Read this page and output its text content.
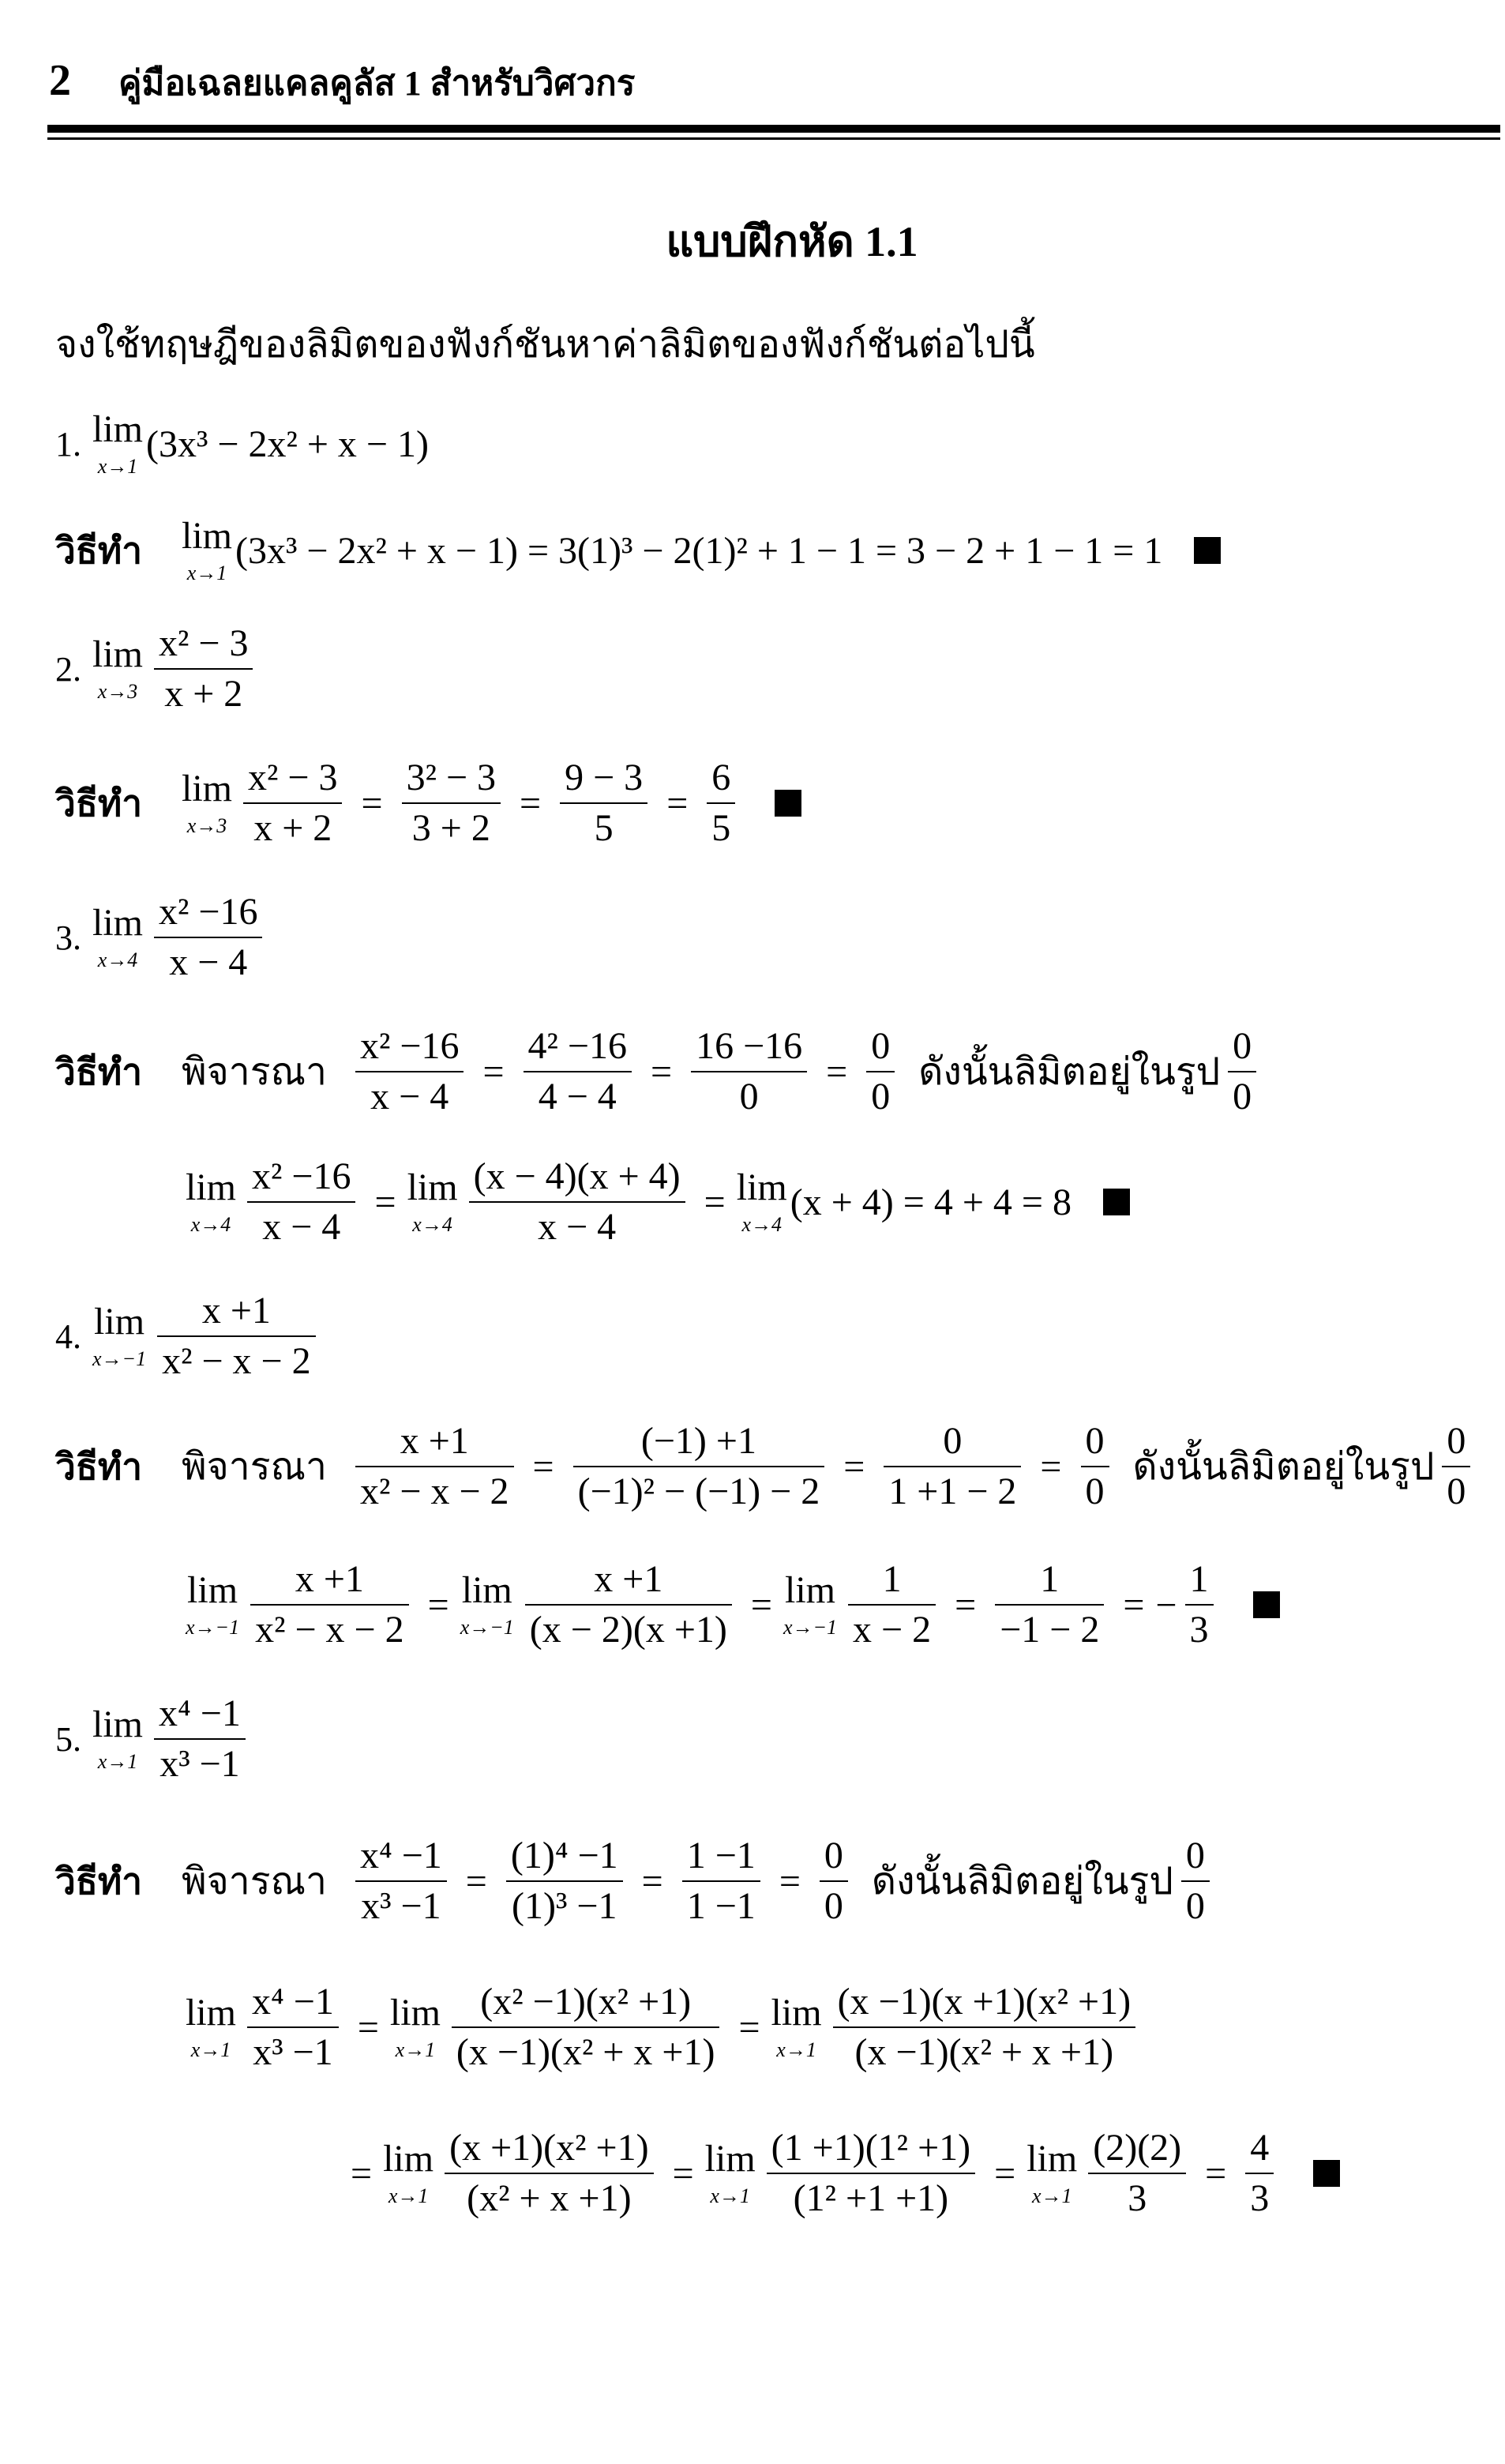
2 คู่มือเฉลยแคลคูลัส 1 สำหรับวิศวกร
แบบฝึกหัด 1.1
จงใช้ทฤษฎีของลิมิตของฟังก์ชันหาค่าลิมิตของฟังก์ชันต่อไปนี้
1. lim
x→1
(3x³ − 2x² + x − 1)
วิธีทำ	lim
x→1
(3x³ − 2x² + x − 1) = 3(1)³ − 2(1)² + 1 − 1 = 3 − 2 + 1 − 1 = 1
2. lim
$x\to 3 \frac{\text{x² − 3}}{x + 2}$
วิธีทำ	lim
$x\to 3 \frac{\text{x² − 3}}{x + 2} = \frac{\text{3² − 3}}{3 + 2} = \frac{9 - 3}{5} = \frac{6}{5}$
3. lim
$x\to 4 \frac{\text{x² −16}}{x - 4}$
วิธีทำ	พิจารณา $\frac{\text{x² −16}}{x - 4} = \frac{\text{4² −16}}{4 - 4} = \frac{16 -16}{0} = \frac{0}{0}$ ดังนั้นลิมิตอยู่ในรูป $\frac{0}{0}$
lim
$x\to 4 \frac{\text{x² −16}}{x - 4} = \lim$
$x\to 4 \frac{(x - 4)(x + 4)}{x - 4} = \lim$
x→4
(x + 4) = 4 + 4 = 8
4. lim
$x\to-1 \frac{x +1}{\text{x² − x − 2}}$
วิธีทำ	พิจารณา $\frac{x +1}{\text{x² − x − 2}} = \frac{(-1) +1}{\text{(−1)² − (−1) − 2}} = \frac{0}{1 +1 - 2} = \frac{0}{0}$ ดังนั้นลิมิตอยู่ในรูป $\frac{0}{0}$
lim
$x\to-1 \frac{x +1}{\text{x² − x − 2}} = \lim$
$x\to-1 \frac{x +1}{(x - 2)(x +1)} = \lim$
$x\to-1 \frac{1}{x - 2} = \frac{1}{-1 - 2}$ = − $\frac{1}{3}$
5. lim
$x\to 1 \frac{\text{x⁴ −1}}{\text{x³ −1}}$
วิธีทำ	พิจารณา $\frac{\text{x⁴ −1}}{\text{x³ −1}} = \frac{\text{(1)⁴ −1}}{\text{(1)³ −1}} = \frac{1 -1}{1 -1} = \frac{0}{0}$ ดังนั้นลิมิตอยู่ในรูป $\frac{0}{0}$
lim
$x\to 1 \frac{\text{x⁴ −1}}{\text{x³ −1}} = \lim$
$x\to 1 \frac{\text{(x² −1)(x² +1)}}{\text{(x −1)(x² + x +1)}} = \lim$
$x\to 1 \frac{\text{(x −1)(x +1)(x² +1)}}{\text{(x −1)(x² + x +1)}}$
= lim
$x\to 1 \frac{\text{(x +1)(x² +1)}}{\text{(x² + x +1)}} = \lim$
$x\to 1 \frac{\text{(1 +1)(1² +1)}}{\text{(1² +1 +1)}} = \lim$
$x\to 1 \frac{(2)(2)}{3} = \frac{4}{3}$
